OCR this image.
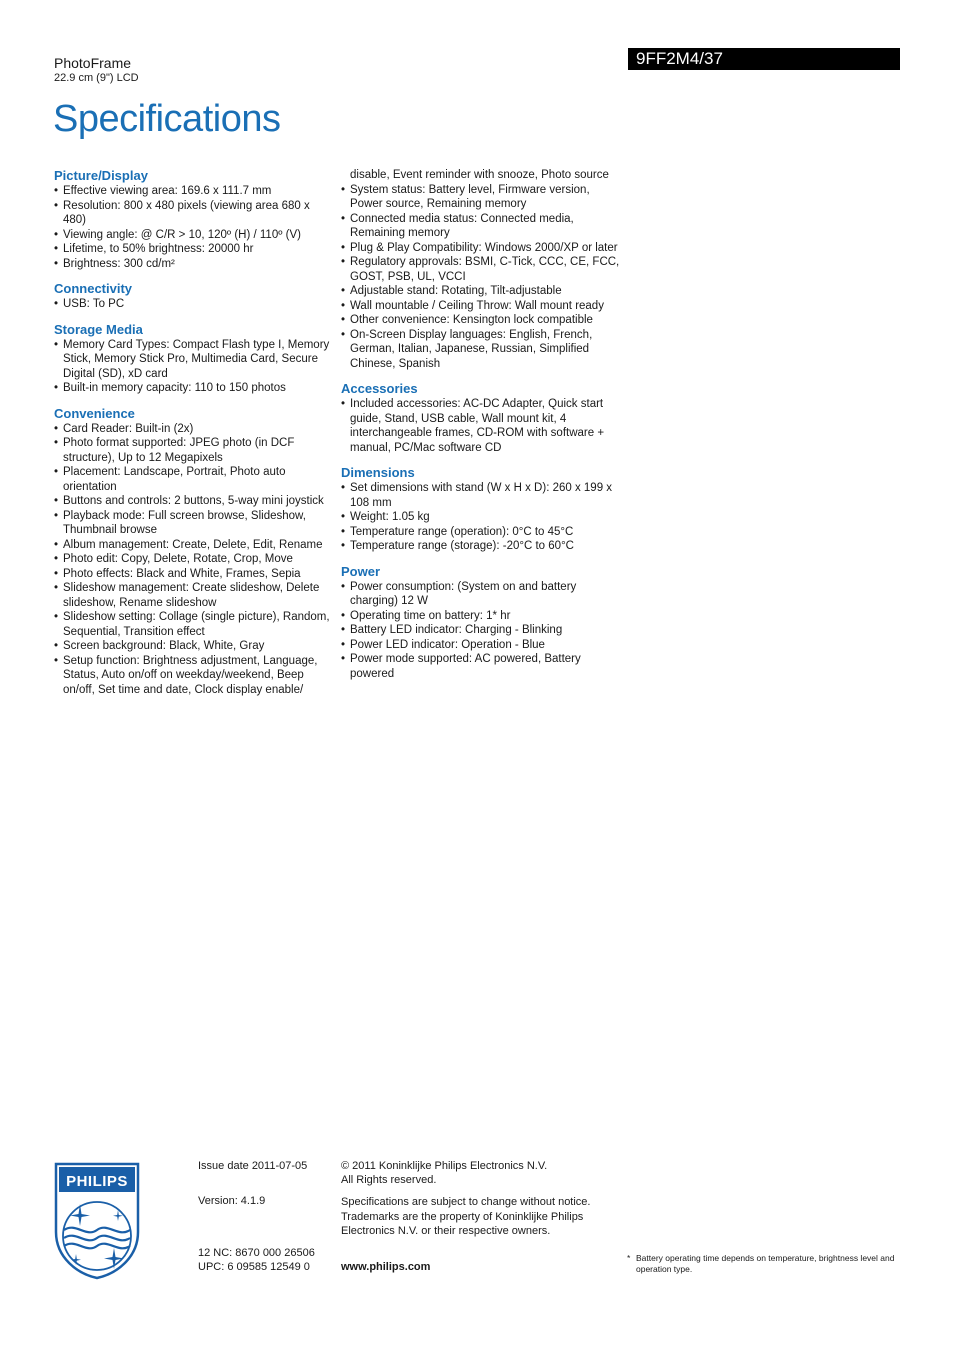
PhotoFrame
22.9 cm (9") LCD
9FF2M4/37
Specifications
Picture/Display
• Effective viewing area: 169.6 x 111.7 mm
• Resolution: 800 x 480 pixels (viewing area 680 x 480)
• Viewing angle: @ C/R > 10, 120º (H) / 110º (V)
• Lifetime, to 50% brightness: 20000 hr
• Brightness: 300 cd/m²
Connectivity
• USB: To PC
Storage Media
• Memory Card Types: Compact Flash type I, Memory Stick, Memory Stick Pro, Multimedia Card, Secure Digital (SD), xD card
• Built-in memory capacity: 110 to 150 photos
Convenience
• Card Reader: Built-in (2x)
• Photo format supported: JPEG photo (in DCF structure), Up to 12 Megapixels
• Placement: Landscape, Portrait, Photo auto orientation
• Buttons and controls: 2 buttons, 5-way mini joystick
• Playback mode: Full screen browse, Slideshow, Thumbnail browse
• Album management: Create, Delete, Edit, Rename
• Photo edit: Copy, Delete, Rotate, Crop, Move
• Photo effects: Black and White, Frames, Sepia
• Slideshow management: Create slideshow, Delete slideshow, Rename slideshow
• Slideshow setting: Collage (single picture), Random, Sequential, Transition effect
• Screen background: Black, White, Gray
• Setup function: Brightness adjustment, Language, Status, Auto on/off on weekday/weekend, Beep on/off, Set time and date, Clock display enable/
disable, Event reminder with snooze, Photo source
• System status: Battery level, Firmware version, Power source, Remaining memory
• Connected media status: Connected media, Remaining memory
• Plug & Play Compatibility: Windows 2000/XP or later
• Regulatory approvals: BSMI, C-Tick, CCC, CE, FCC, GOST, PSB, UL, VCCI
• Adjustable stand: Rotating, Tilt-adjustable
• Wall mountable / Ceiling Throw: Wall mount ready
• Other convenience: Kensington lock compatible
• On-Screen Display languages: English, French, German, Italian, Japanese, Russian, Simplified Chinese, Spanish
Accessories
• Included accessories: AC-DC Adapter, Quick start guide, Stand, USB cable, Wall mount kit, 4 interchangeable frames, CD-ROM with software + manual, PC/Mac software CD
Dimensions
• Set dimensions with stand (W x H x D): 260 x 199 x 108 mm
• Weight: 1.05 kg
• Temperature range (operation): 0°C to 45°C
• Temperature range (storage): -20°C to 60°C
Power
• Power consumption: (System on and battery charging) 12 W
• Operating time on battery: 1* hr
• Battery LED indicator: Charging - Blinking
• Power LED indicator: Operation - Blue
• Power mode supported: AC powered, Battery powered
PHILIPS
Issue date 2011-07-05
Version: 4.1.9
12 NC: 8670 000 26506
UPC: 6 09585 12549 0
© 2011 Koninklijke Philips Electronics N.V.
All Rights reserved.
Specifications are subject to change without notice. Trademarks are the property of Koninklijke Philips Electronics N.V. or their respective owners.
www.philips.com
* Battery operating time depends on temperature, brightness level and operation type.
